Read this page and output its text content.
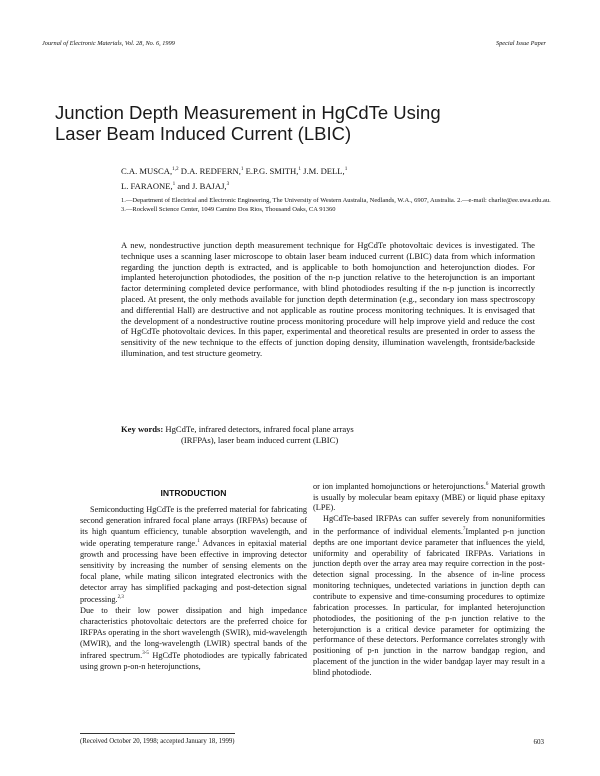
Journal of Electronic Materials, Vol. 28, No. 6, 1999	Special Issue Paper
Junction Depth Measurement in HgCdTe Using
Laser Beam Induced Current (LBIC)
C.A. MUSCA,$^{1,2}$ D.A. REDFERN,$^1$ E.P.G. SMITH,$^1$ J.M. DELL,$^1$
L. FARAONE,$^1$ and J. BAJAJ,$^3$
1.—Department of Electrical and Electronic Engineering, The University of Western Australia, Nedlands, W.A., 6907, Australia. 2.—e-mail: charlie@ee.uwa.edu.au. 3.—Rockwell Science Center, 1049 Camino Dos Rios, Thousand Oaks, CA 91360
A new, nondestructive junction depth measurement technique for HgCdTe photovoltaic devices is investigated. The technique uses a scanning laser microscope to obtain laser beam induced current (LBIC) data from which information regarding the junction depth is extracted, and is applicable to both homojunction and heterojunction diodes. For implanted heterojunction photodiodes, the position of the n-p junction relative to the heterojunction is an important factor determining completed device performance, with blind photodiodes resulting if the n-p junction is incorrectly placed. At present, the only methods available for junction depth determination (e.g., secondary ion mass spectroscopy and differential Hall) are destructive and not applicable as routine process monitoring techniques. It is envisaged that the development of a nondestructive routine process monitoring procedure will help improve yield and reduce the cost of HgCdTe photovoltaic devices. In this paper, experimental and theoretical results are presented in order to assess the sensitivity of the new technique to the effects of junction doping density, illumination wavelength, frontside/backside illumination, and test structure geometry.
Key words: HgCdTe, infrared detectors, infrared focal plane arrays
(IRFPAs), laser beam induced current (LBIC)
INTRODUCTION

Semiconducting HgCdTe is the preferred material for fabricating second generation infrared focal plane arrays (IRFPAs) because of its high quantum efficiency, tunable absorption wavelength, and wide operating temperature range.$^1$ Advances in epitaxial material growth and processing have been effective in improving detector sensitivity by increasing the number of sensing elements on the focal plane, while mating silicon integrated electronics with the detector array has simplified packaging and post-detection signal processing.$^{2,3}$

Due to their low power dissipation and high impedance characteristics photovoltaic detectors are the preferred choice for IRFPAs operating in the short wavelength (SWIR), mid-wavelength (MWIR), and the long-wavelength (LWIR) spectral bands of the infrared spectrum.$^{3-5}$ HgCdTe photodiodes are typically fabricated using grown p-on-n heterojunctions,

or ion implanted homojunctions or heterojunctions.$^6$ Material growth is usually by molecular beam epitaxy (MBE) or liquid phase epitaxy (LPE).

HgCdTe-based IRFPAs can suffer severely from nonuniformities in the performance of individual elements.$^7$Implanted p-n junction depths are one important device parameter that influences the yield, uniformity and operability of fabricated IRFPAs. Variations in junction depth over the array area may require correction in the post-detection signal processing. In the absence of in-line process monitoring techniques, undetected variations in junction depth can contribute to expensive and time-consuming procedures to optimize fabrication processes. In particular, for implanted heterojunction photodiodes, the positioning of the p-n junction relative to the heterojunction is a critical device parameter for optimizing the performance of these detectors. Performance correlates strongly with positioning of p-n junction in the narrow bandgap region, and placement of the junction in the wider bandgap layer may result in a blind photodiode.

(Received October 20, 1998; accepted January 18, 1999)	603
